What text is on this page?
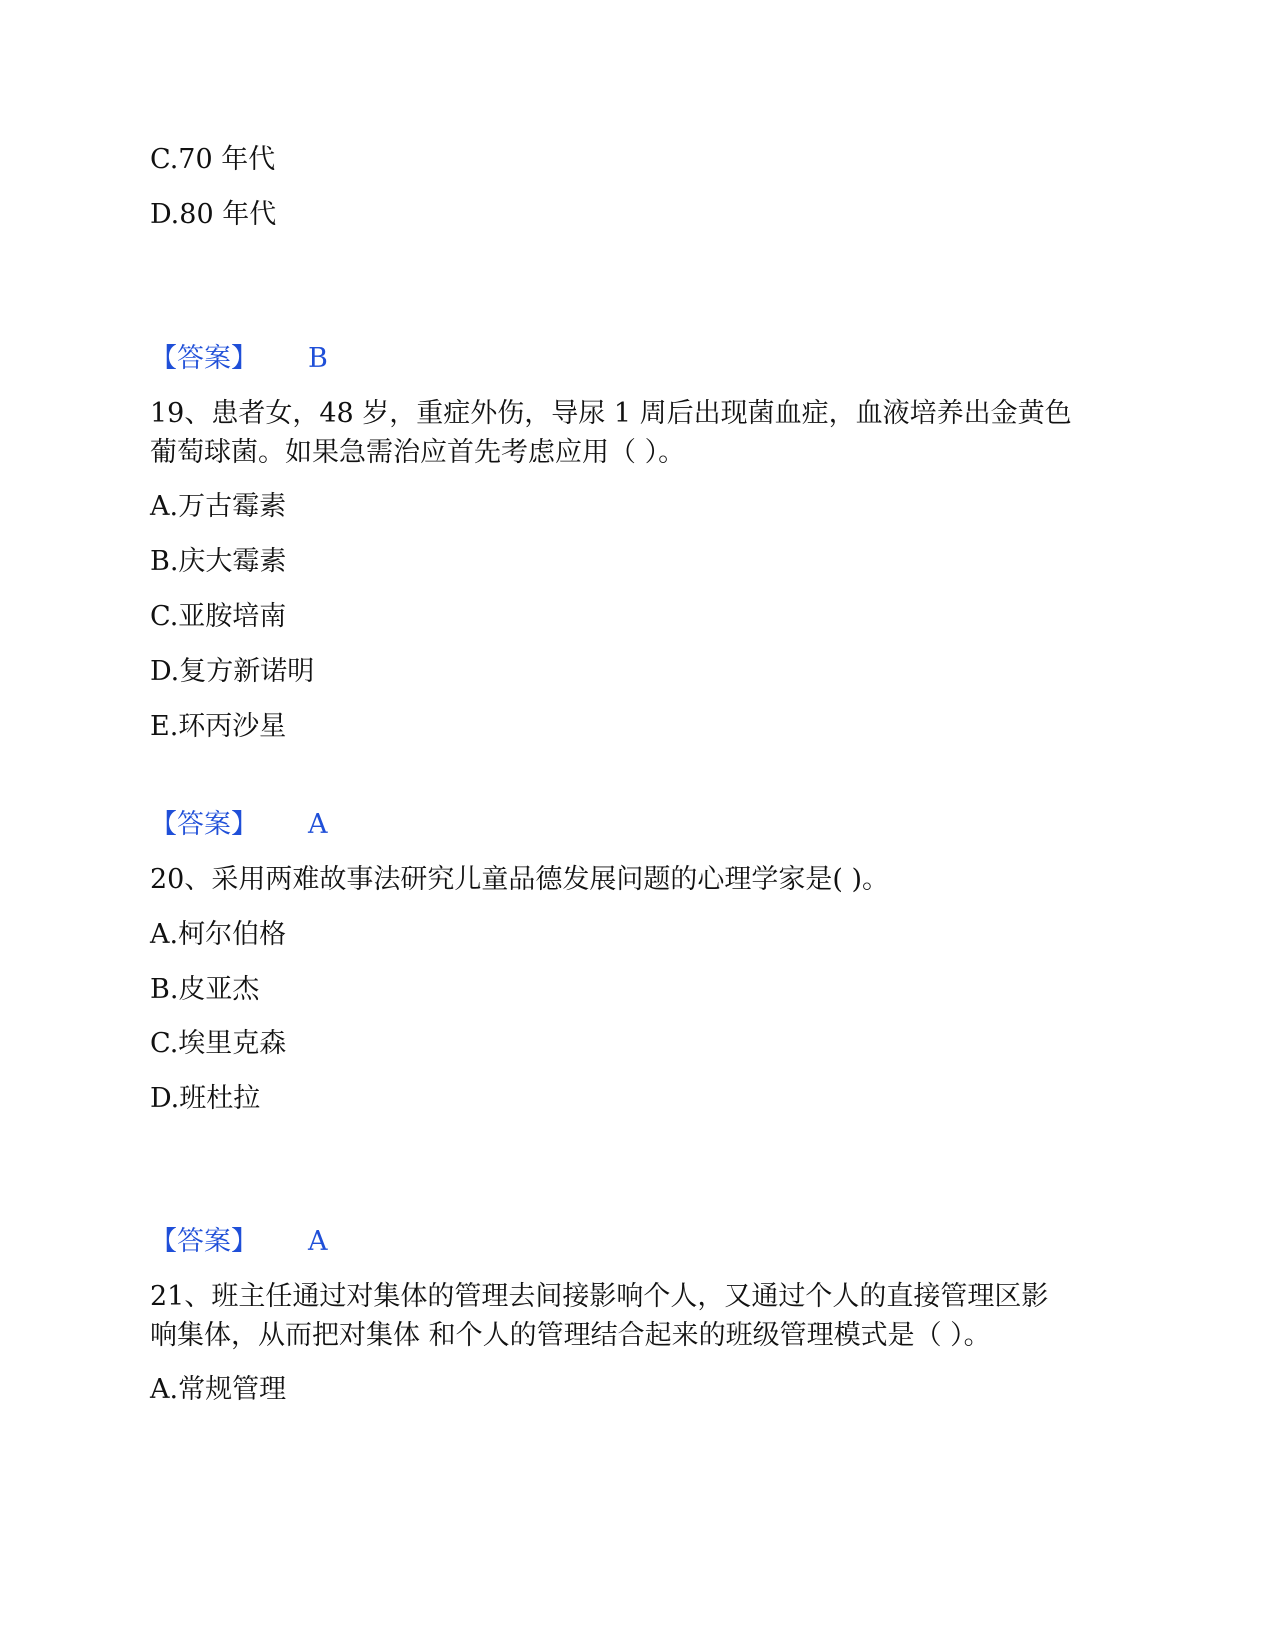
C.70 年代
D.80 年代
【答案】 B
19、患者女，48 岁，重症外伤，导尿 1 周后出现菌血症，血液培养出金黄色
葡萄球菌。如果急需治应首先考虑应用（ ）。
A.万古霉素
B.庆大霉素
C.亚胺培南
D.复方新诺明
E.环丙沙星
【答案】 A
20、采用两难故事法研究儿童品德发展问题的心理学家是( )。
A.柯尔伯格
B.皮亚杰
C.埃里克森
D.班杜拉
【答案】 A
21、班主任通过对集体的管理去间接影响个人，又通过个人的直接管理区影
响集体，从而把对集体 和个人的管理结合起来的班级管理模式是（ ）。
A.常规管理
